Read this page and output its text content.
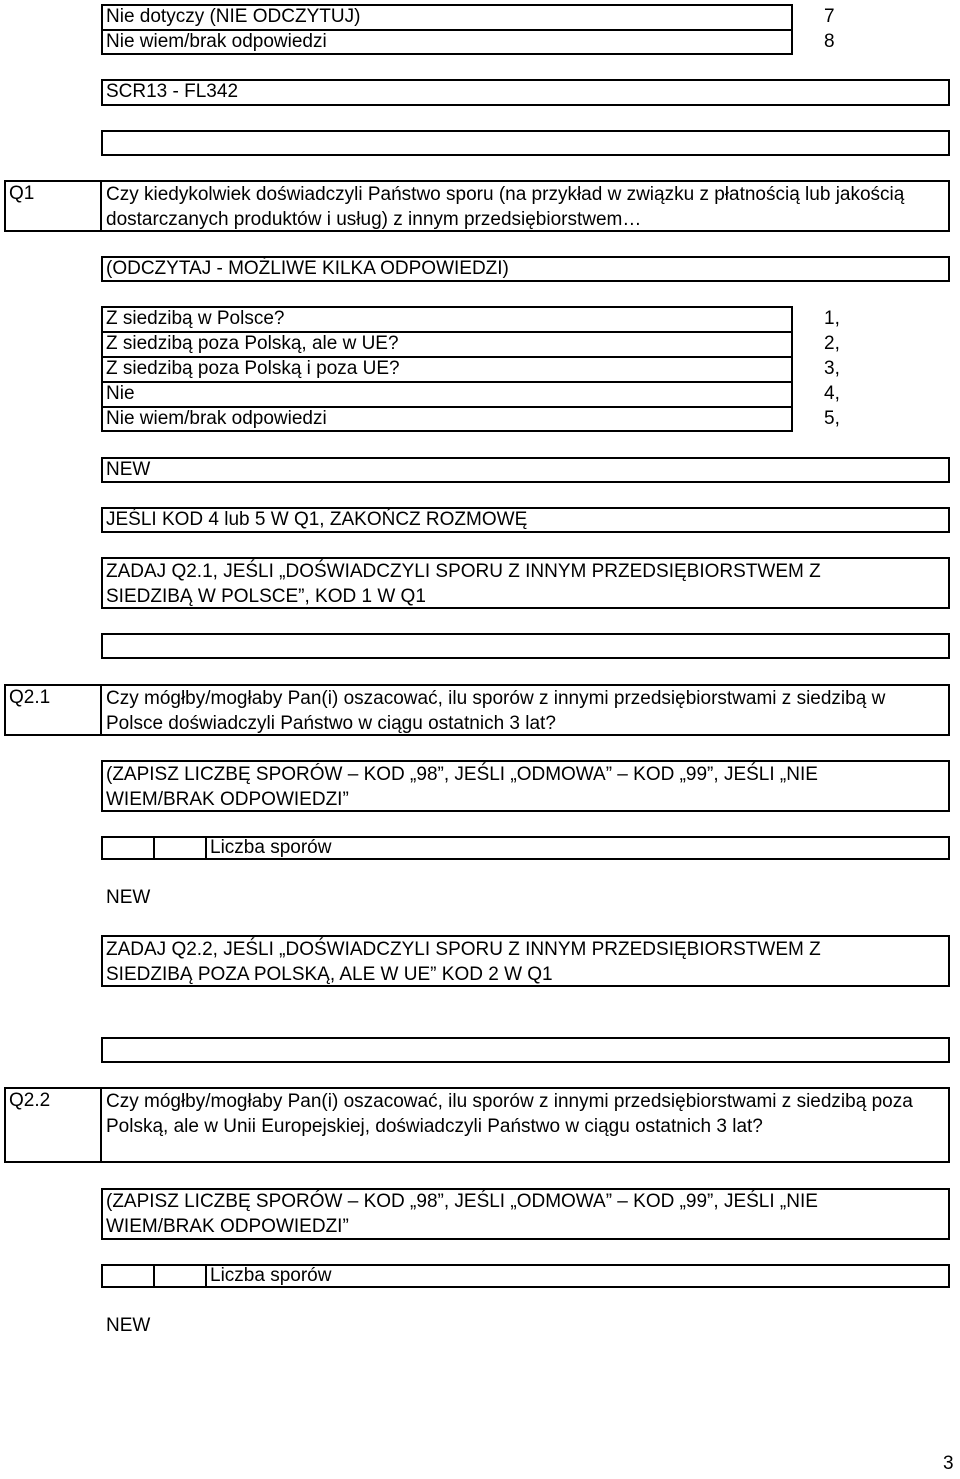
Nie dotyczy (NIE ODCZYTUJ)	7
Nie wiem/brak odpowiedzi	8
SCR13 - FL342
Q1	Czy kiedykolwiek doświadczyli Państwo sporu (na przykład w związku z płatnością lub jakością dostarczanych produktów i usług) z innym przedsiębiorstwem…
(ODCZYTAJ - MOŻLIWE KILKA ODPOWIEDZI)
Z siedzibą w Polsce?	1,
Z siedzibą poza Polską, ale w UE?	2,
Z siedzibą poza Polską i poza UE?	3,
Nie	4,
Nie wiem/brak odpowiedzi	5,
NEW
JEŚLI KOD 4 lub 5 W Q1, ZAKOŃCZ ROZMOWĘ
ZADAJ Q2.1, JEŚLI „DOŚWIADCZYLI SPORU Z INNYM PRZEDSIĘBIORSTWEM Z SIEDZIBĄ W POLSCE”, KOD 1 W Q1
Q2.1	Czy mógłby/mogłaby Pan(i) oszacować, ilu sporów z innymi przedsiębiorstwami z siedzibą w Polsce doświadczyli Państwo w ciągu ostatnich 3 lat?
(ZAPISZ LICZBĘ SPORÓW – KOD „98”, JEŚLI „ODMOWA” – KOD „99”, JEŚLI „NIE WIEM/BRAK ODPOWIEDZI”
Liczba sporów
NEW
ZADAJ Q2.2, JEŚLI „DOŚWIADCZYLI SPORU Z INNYM PRZEDSIĘBIORSTWEM Z SIEDZIBĄ POZA POLSKĄ, ALE W UE” KOD 2 W Q1
Q2.2	Czy mógłby/mogłaby Pan(i) oszacować, ilu sporów z innymi przedsiębiorstwami z siedzibą poza Polską, ale w Unii Europejskiej, doświadczyli Państwo w ciągu ostatnich 3 lat?
(ZAPISZ LICZBĘ SPORÓW – KOD „98”, JEŚLI „ODMOWA” – KOD „99”, JEŚLI „NIE WIEM/BRAK ODPOWIEDZI”
Liczba sporów
NEW
3
